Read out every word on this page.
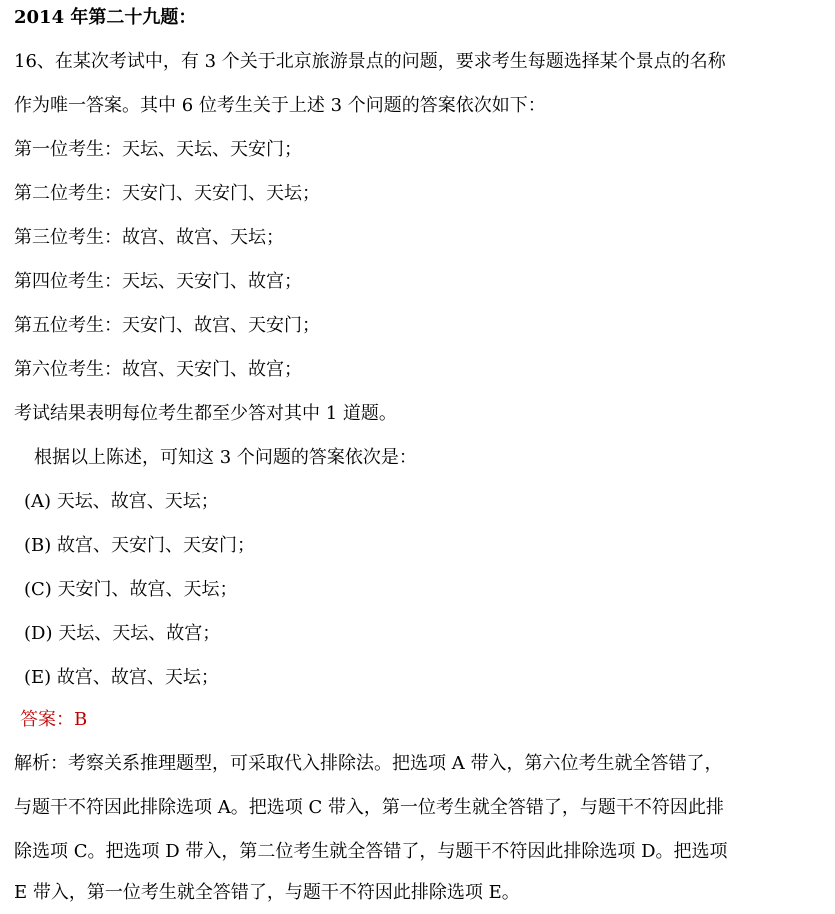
2014 年第二十九题：
16、在某次考试中，有 3 个关于北京旅游景点的问题，要求考生每题选择某个景点的名称
作为唯一答案。其中 6 位考生关于上述 3 个问题的答案依次如下：
第一位考生：天坛、天坛、天安门；
第二位考生：天安门、天安门、天坛；
第三位考生：故宫、故宫、天坛；
第四位考生：天坛、天安门、故宫；
第五位考生：天安门、故宫、天安门；
第六位考生：故宫、天安门、故宫；
考试结果表明每位考生都至少答对其中 1 道题。
根据以上陈述，可知这 3 个问题的答案依次是：
(A) 天坛、故宫、天坛；
(B) 故宫、天安门、天安门；
(C) 天安门、故宫、天坛；
(D) 天坛、天坛、故宫；
(E) 故宫、故宫、天坛；
答案：B
解析：考察关系推理题型，可采取代入排除法。把选项 A 带入，第六位考生就全答错了，
与题干不符因此排除选项 A。把选项 C 带入，第一位考生就全答错了，与题干不符因此排
除选项 C。把选项 D 带入，第二位考生就全答错了，与题干不符因此排除选项 D。把选项
E 带入，第一位考生就全答错了，与题干不符因此排除选项 E。
